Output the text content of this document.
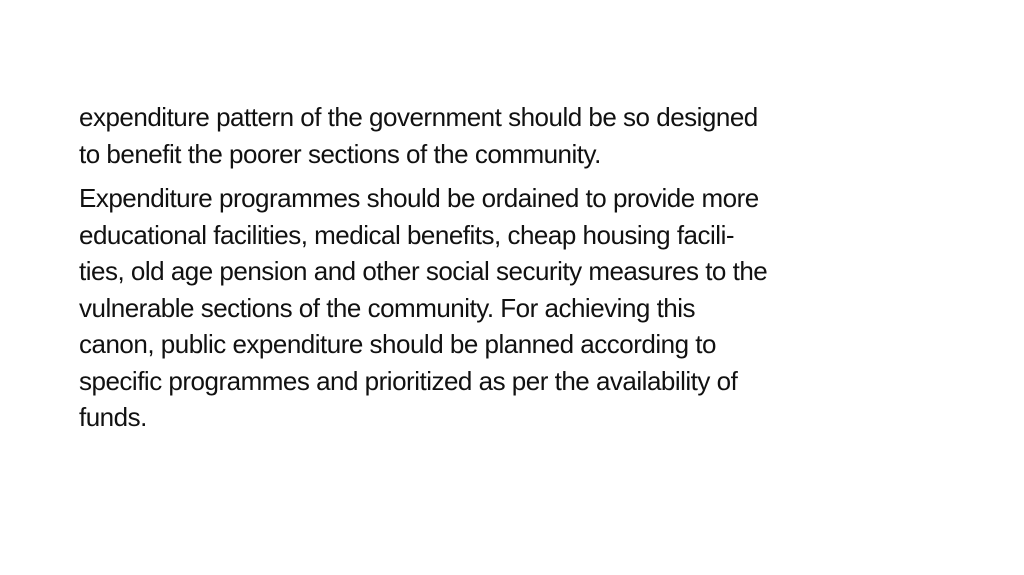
expenditure pattern of the government should be so designed
to benefit the poorer sections of the community.

Expenditure programmes should be ordained to provide more
educational facilities, medical benefits, cheap housing facili-
ties, old age pension and other social security measures to the
vulnerable sections of the community. For achieving this
canon, public expenditure should be planned according to
specific programmes and prioritized as per the availability of
funds.
